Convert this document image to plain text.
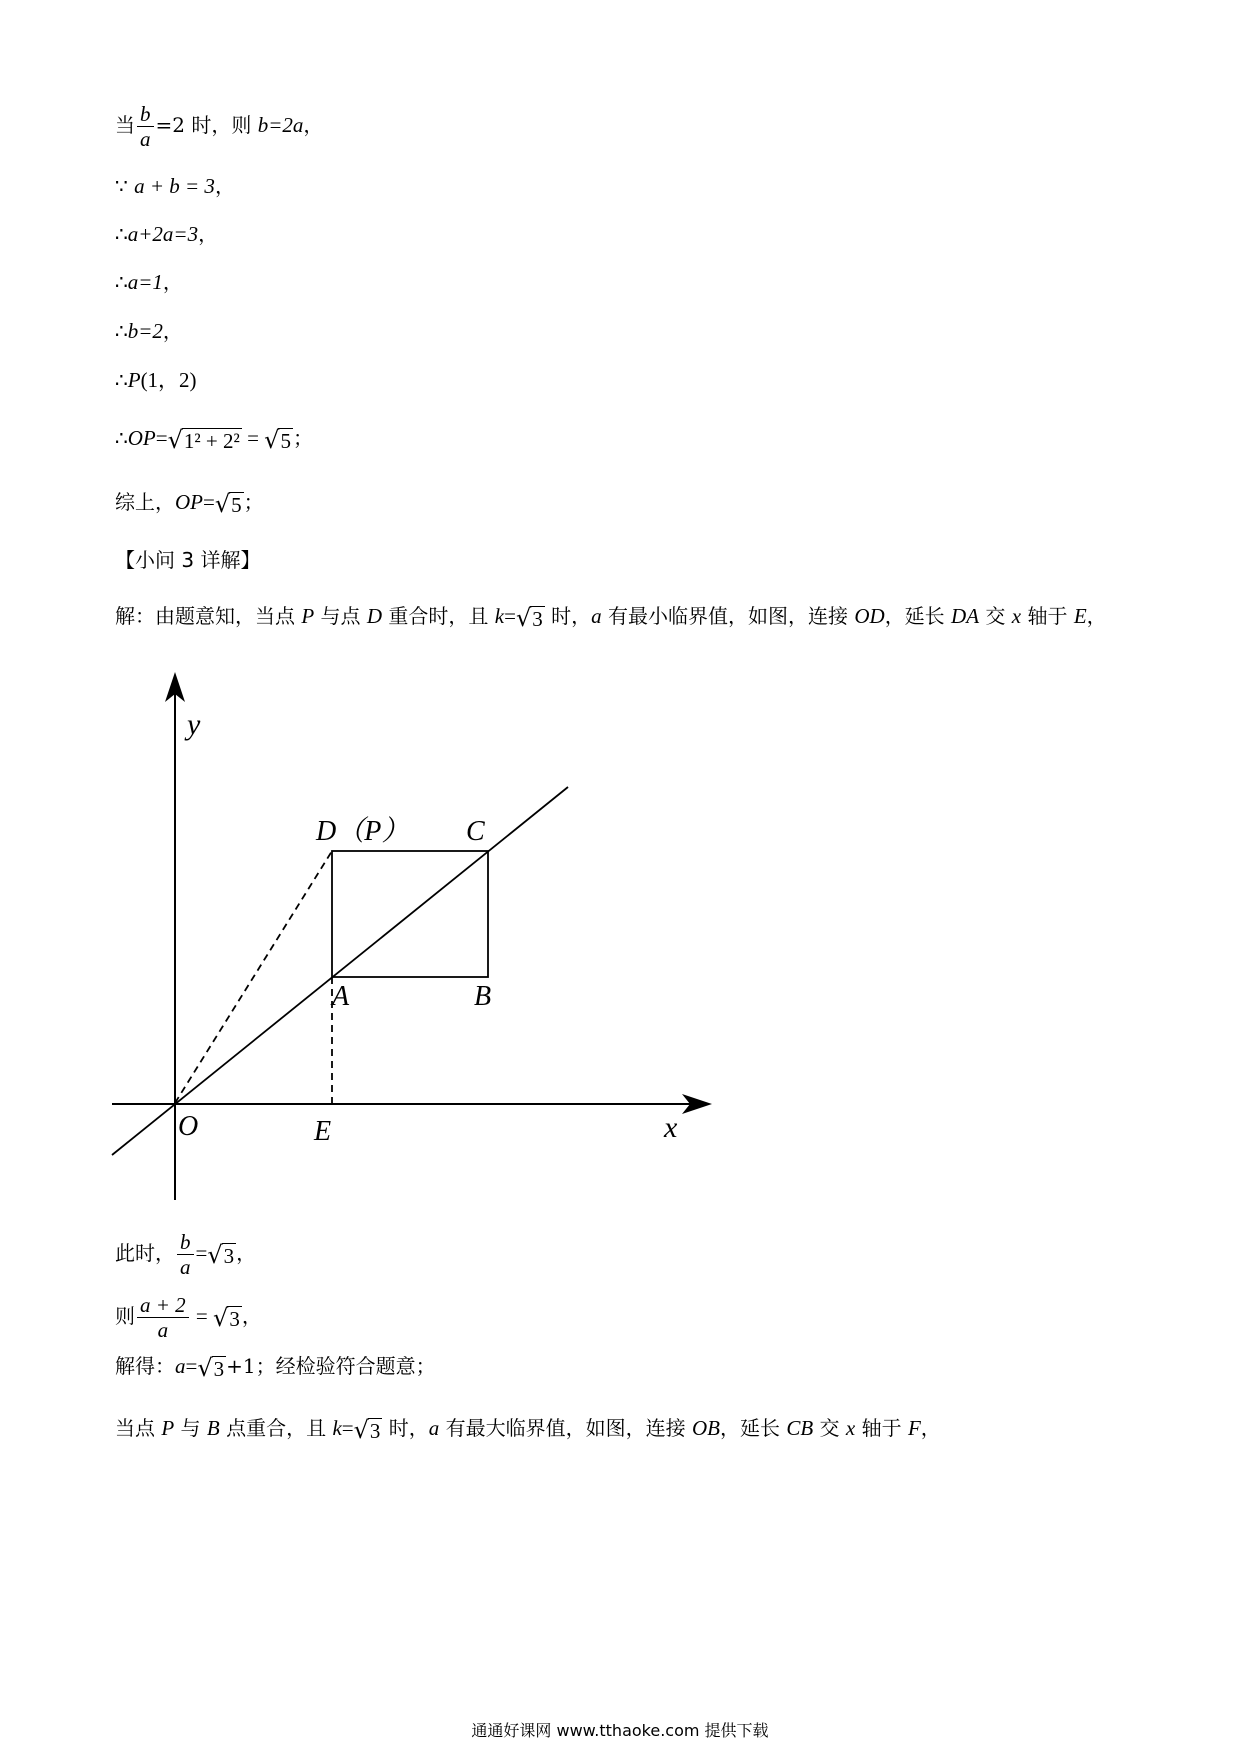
当 $\frac{b}{a} =2$ 时，则 b=2a，
∵ a + b = 3，
∴a+2a=3，
∴a=1，
∴b=2，
∴P(1，2)
∴OP= √ 1² + 2² = √ 5 ；
综上，OP= √ 5 ；
【小问 3 详解】
解：由题意知，当点 P 与点 D 重合时，且 k= √ 3 时，a 有最小临界值，如图，连接 OD，延长 DA 交 x 轴于 E，
y
x
O	E
A	B
C
D（P）
此时， $\frac{b}{a}$ = √ 3 ，
则 $\frac{a + 2}{a}$ = √ 3 ，
解得：a= √ 3 +1；经检验符合题意；
当点 P 与 B 点重合，且 k= √ 3 时，a 有最大临界值，如图，连接 OB，延长 CB 交 x 轴于 F，
通通好课网 www.tthaoke.com 提供下载
